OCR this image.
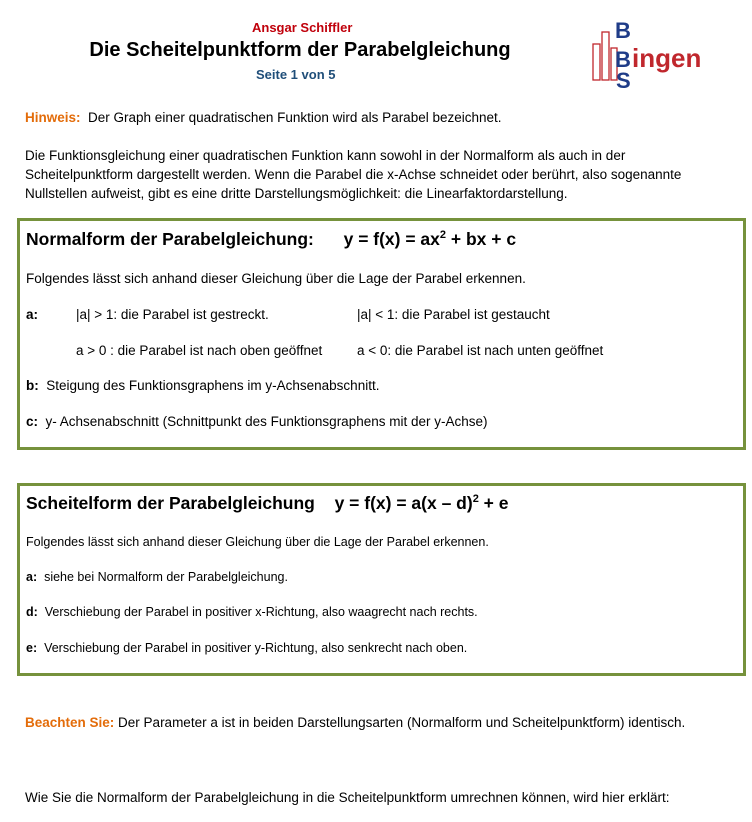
Ansgar Schiffler
Die Scheitelpunktform der Parabelgleichung
Seite 1 von 5
B
B
S
ingen
Hinweis: Der Graph einer quadratischen Funktion wird als Parabel bezeichnet.
Die Funktionsgleichung einer quadratischen Funktion kann sowohl in der Normalform als auch in der Scheitelpunktform dargestellt werden. Wenn die Parabel die x-Achse schneidet oder berührt, also sogenannte Nullstellen aufweist, gibt es eine dritte Darstellungsmöglichkeit: die Linearfaktordarstellung.
Normalform der Parabelgleichung: $y = f(x) = ax^2$ + bx + c
Folgendes lässt sich anhand dieser Gleichung über die Lage der Parabel erkennen.
a:	|a| > 1: die Parabel ist gestreckt.	|a| < 1: die Parabel ist gestaucht
a > 0 : die Parabel ist nach oben geöffnet	a < 0: die Parabel ist nach unten geöffnet
b: Steigung des Funktionsgraphens im y-Achsenabschnitt.
c: y- Achsenabschnitt (Schnittpunkt des Funktionsgraphens mit der y-Achse)
Scheitelform der Parabelgleichung y = f(x) = a(x – d)$^2$ + e
Folgendes lässt sich anhand dieser Gleichung über die Lage der Parabel erkennen.
a: siehe bei Normalform der Parabelgleichung.
d: Verschiebung der Parabel in positiver x-Richtung, also waagrecht nach rechts.
e: Verschiebung der Parabel in positiver y-Richtung, also senkrecht nach oben.
Beachten Sie: Der Parameter a ist in beiden Darstellungsarten (Normalform und Scheitelpunktform) identisch.
Wie Sie die Normalform der Parabelgleichung in die Scheitelpunktform umrechnen können, wird hier erklärt:
